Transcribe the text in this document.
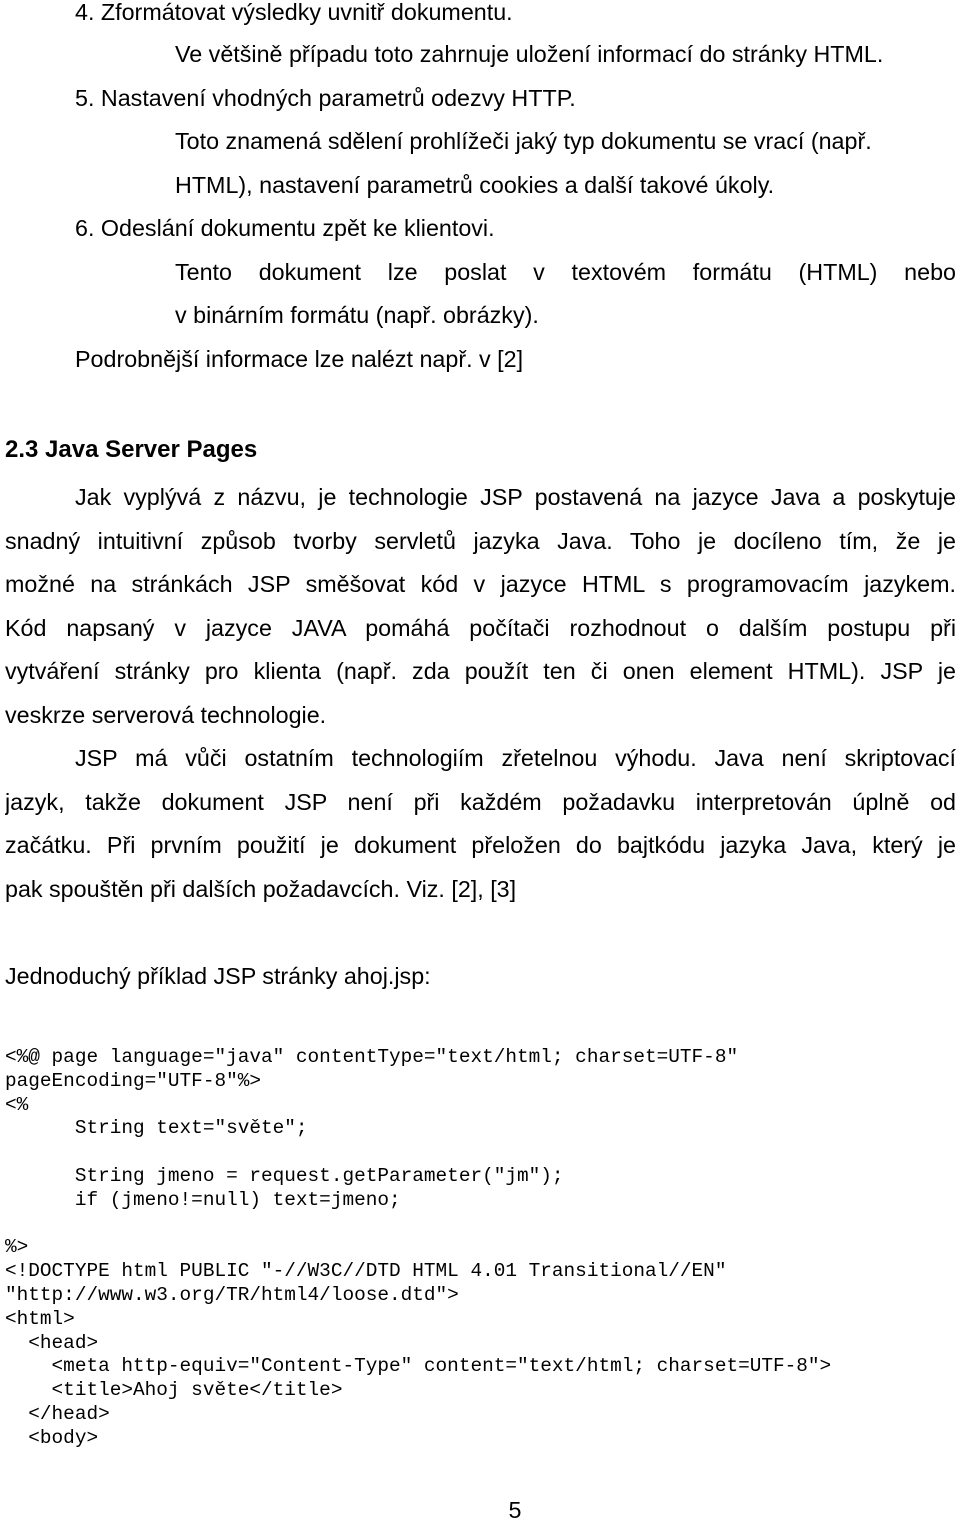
4. Zformátovat výsledky uvnitř dokumentu.
Ve většině případu toto zahrnuje uložení informací do stránky HTML.
5. Nastavení vhodných parametrů odezvy HTTP.
Toto znamená sdělení prohlížeči jaký typ dokumentu se vrací (např.
HTML), nastavení parametrů cookies a další takové úkoly.
6. Odeslání dokumentu zpět ke klientovi.
Tento dokument lze poslat v textovém formátu (HTML) nebo
v binárním formátu (např. obrázky).
Podrobnější informace lze nalézt např. v [2]
2.3 Java Server Pages
Jak vyplývá z názvu, je technologie JSP postavená na jazyce Java a poskytuje
snadný intuitivní způsob tvorby servletů jazyka Java. Toho je docíleno tím, že je
možné na stránkách JSP směšovat kód v jazyce HTML s programovacím jazykem.
Kód napsaný v jazyce JAVA pomáhá počítači rozhodnout o dalším postupu při
vytváření stránky pro klienta (např. zda použít ten či onen element HTML). JSP je
veskrze serverová technologie.
JSP má vůči ostatním technologiím zřetelnou výhodu. Java není skriptovací
jazyk, takže dokument JSP není při každém požadavku interpretován úplně od
začátku. Při prvním použití je dokument přeložen do bajtkódu jazyka Java, který je
pak spouštěn při dalších požadavcích. Viz. [2], [3]
Jednoduchý příklad JSP stránky ahoj.jsp:
<%@ page language="java" contentType="text/html; charset=UTF-8"
pageEncoding="UTF-8"%>
<%
String text="světe";
String jmeno = request.getParameter("jm");
if (jmeno!=null) text=jmeno;
%>
<!DOCTYPE html PUBLIC "-//W3C//DTD HTML 4.01 Transitional//EN"
"http://www.w3.org/TR/html4/loose.dtd">
<html>
<head>
<meta http-equiv="Content-Type" content="text/html; charset=UTF-8">
<title>Ahoj světe</title>
</head>
<body>
5
